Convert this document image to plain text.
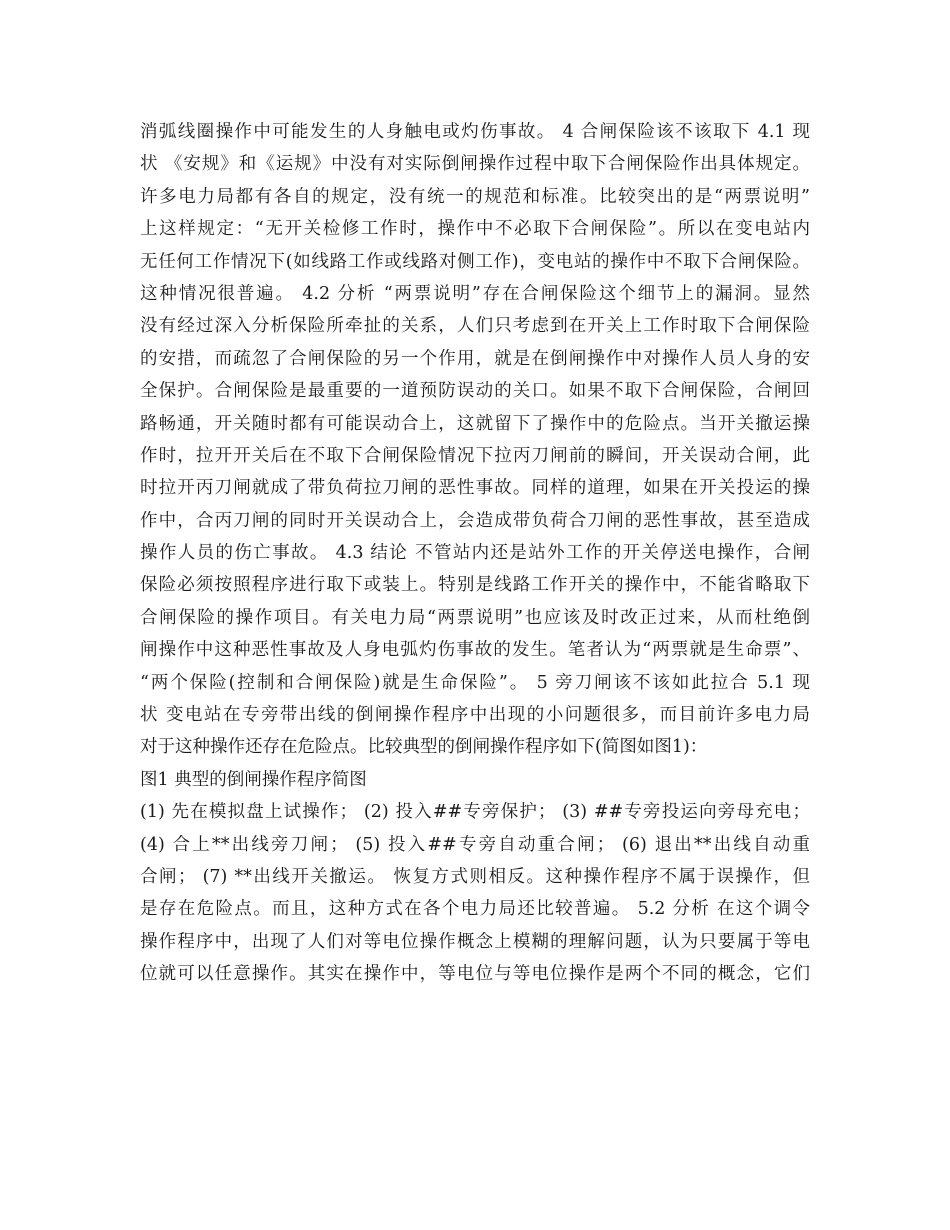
消弧线圈操作中可能发生的人身触电或灼伤事故。 4 合闸保险该不该取下 4.1 现
状 《安规》和《运规》中没有对实际倒闸操作过程中取下合闸保险作出具体规定。
许多电力局都有各自的规定，没有统一的规范和标准。比较突出的是“两票说明”
上这样规定：“无开关检修工作时，操作中不必取下合闸保险”。所以在变电站内
无任何工作情况下(如线路工作或线路对侧工作)，变电站的操作中不取下合闸保险。
这种情况很普遍。 4.2 分析 “两票说明”存在合闸保险这个细节上的漏洞。显然
没有经过深入分析保险所牵扯的关系，人们只考虑到在开关上工作时取下合闸保险
的安措，而疏忽了合闸保险的另一个作用，就是在倒闸操作中对操作人员人身的安
全保护。合闸保险是最重要的一道预防误动的关口。如果不取下合闸保险，合闸回
路畅通，开关随时都有可能误动合上，这就留下了操作中的危险点。当开关撤运操
作时，拉开开关后在不取下合闸保险情况下拉丙刀闸前的瞬间，开关误动合闸，此
时拉开丙刀闸就成了带负荷拉刀闸的恶性事故。同样的道理，如果在开关投运的操
作中，合丙刀闸的同时开关误动合上，会造成带负荷合刀闸的恶性事故，甚至造成
操作人员的伤亡事故。 4.3 结论 不管站内还是站外工作的开关停送电操作，合闸
保险必须按照程序进行取下或装上。特别是线路工作开关的操作中，不能省略取下
合闸保险的操作项目。有关电力局“两票说明”也应该及时改正过来，从而杜绝倒
闸操作中这种恶性事故及人身电弧灼伤事故的发生。笔者认为“两票就是生命票”、
“两个保险(控制和合闸保险)就是生命保险”。 5 旁刀闸该不该如此拉合 5.1 现
状 变电站在专旁带出线的倒闸操作程序中出现的小问题很多，而目前许多电力局
对于这种操作还存在危险点。比较典型的倒闸操作程序如下(简图如图1)：
图1 典型的倒闸操作程序简图
(1) 先在模拟盘上试操作； (2) 投入##专旁保护； (3) ##专旁投运向旁母充电；
(4) 合上**出线旁刀闸； (5) 投入##专旁自动重合闸； (6) 退出**出线自动重
合闸； (7) **出线开关撤运。 恢复方式则相反。这种操作程序不属于误操作，但
是存在危险点。而且，这种方式在各个电力局还比较普遍。 5.2 分析 在这个调令
操作程序中，出现了人们对等电位操作概念上模糊的理解问题，认为只要属于等电
位就可以任意操作。其实在操作中，等电位与等电位操作是两个不同的概念，它们
